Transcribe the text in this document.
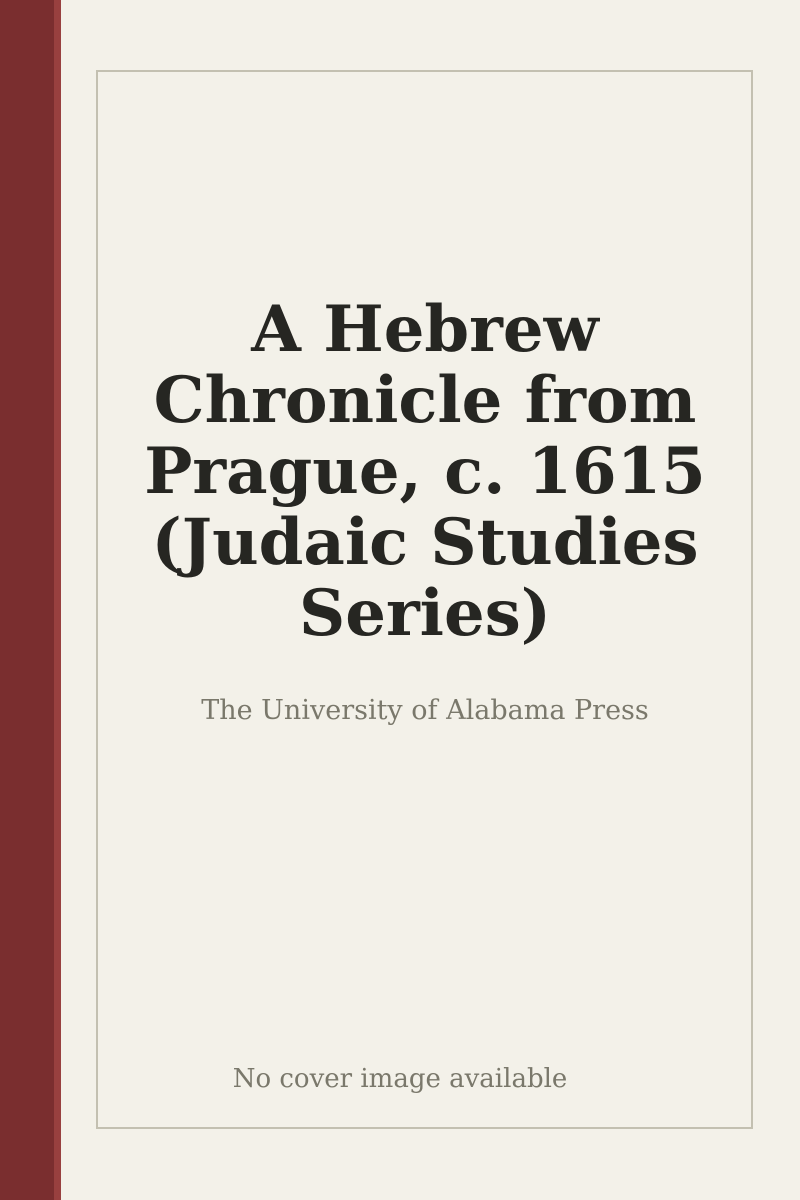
A Hebrew Chronicle from Prague, c. 1615 (Judaic Studies Series)
The University of Alabama Press
No cover image available
